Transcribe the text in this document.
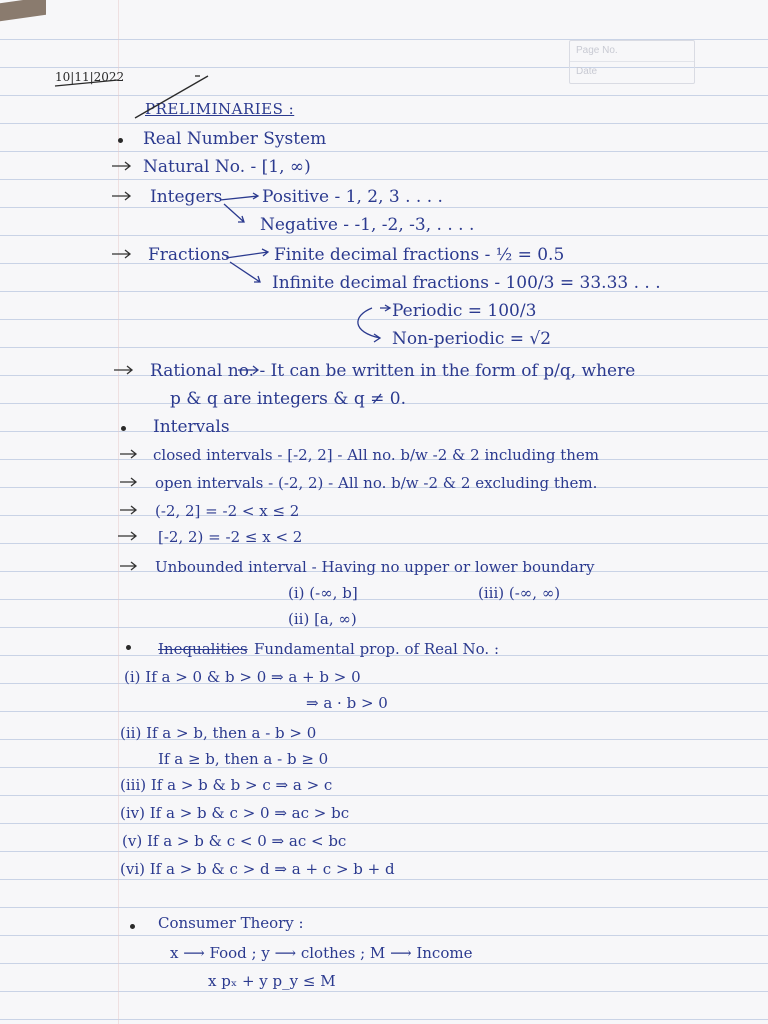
Page No.
Date
10|11|2022
PRELIMINARIES :
Real Number System
Natural No. - [1, ∞)
Integers Positive - 1, 2, 3 . . . .
Negative - -1, -2, -3, . . . .
Fractions	Finite decimal fractions - ½ = 0.5
Infinite decimal fractions - 100/3 = 33.33 . . .
Periodic = 100/3
Non-periodic = √2
Rational no. - It can be written in the form of p/q, where
p & q are integers & q ≠ 0.
Intervals
closed intervals - [-2, 2] - All no. b/w -2 & 2 including them
open intervals - (-2, 2) - All no. b/w -2 & 2 excluding them.
(-2, 2] = -2 < x ≤ 2
[-2, 2) = -2 ≤ x < 2
Unbounded interval - Having no upper or lower boundary
(i) (-∞, b]	(iii) (-∞, ∞)
(ii) [a, ∞)
Inequalities Fundamental prop. of Real No. :
(i) If a > 0 & b > 0 ⇒ a + b > 0
⇒ a · b > 0
(ii) If a > b, then a - b > 0
If a ≥ b, then a - b ≥ 0
(iii) If a > b & b > c ⇒ a > c
(iv) If a > b & c > 0 ⇒ ac > bc
(v) If a > b & c < 0 ⇒ ac < bc
(vi) If a > b & c > d ⇒ a + c > b + d
Consumer Theory :
x ⟶ Food ; y ⟶ clothes ; M ⟶ Income
x pₓ + y p_y ≤ M
